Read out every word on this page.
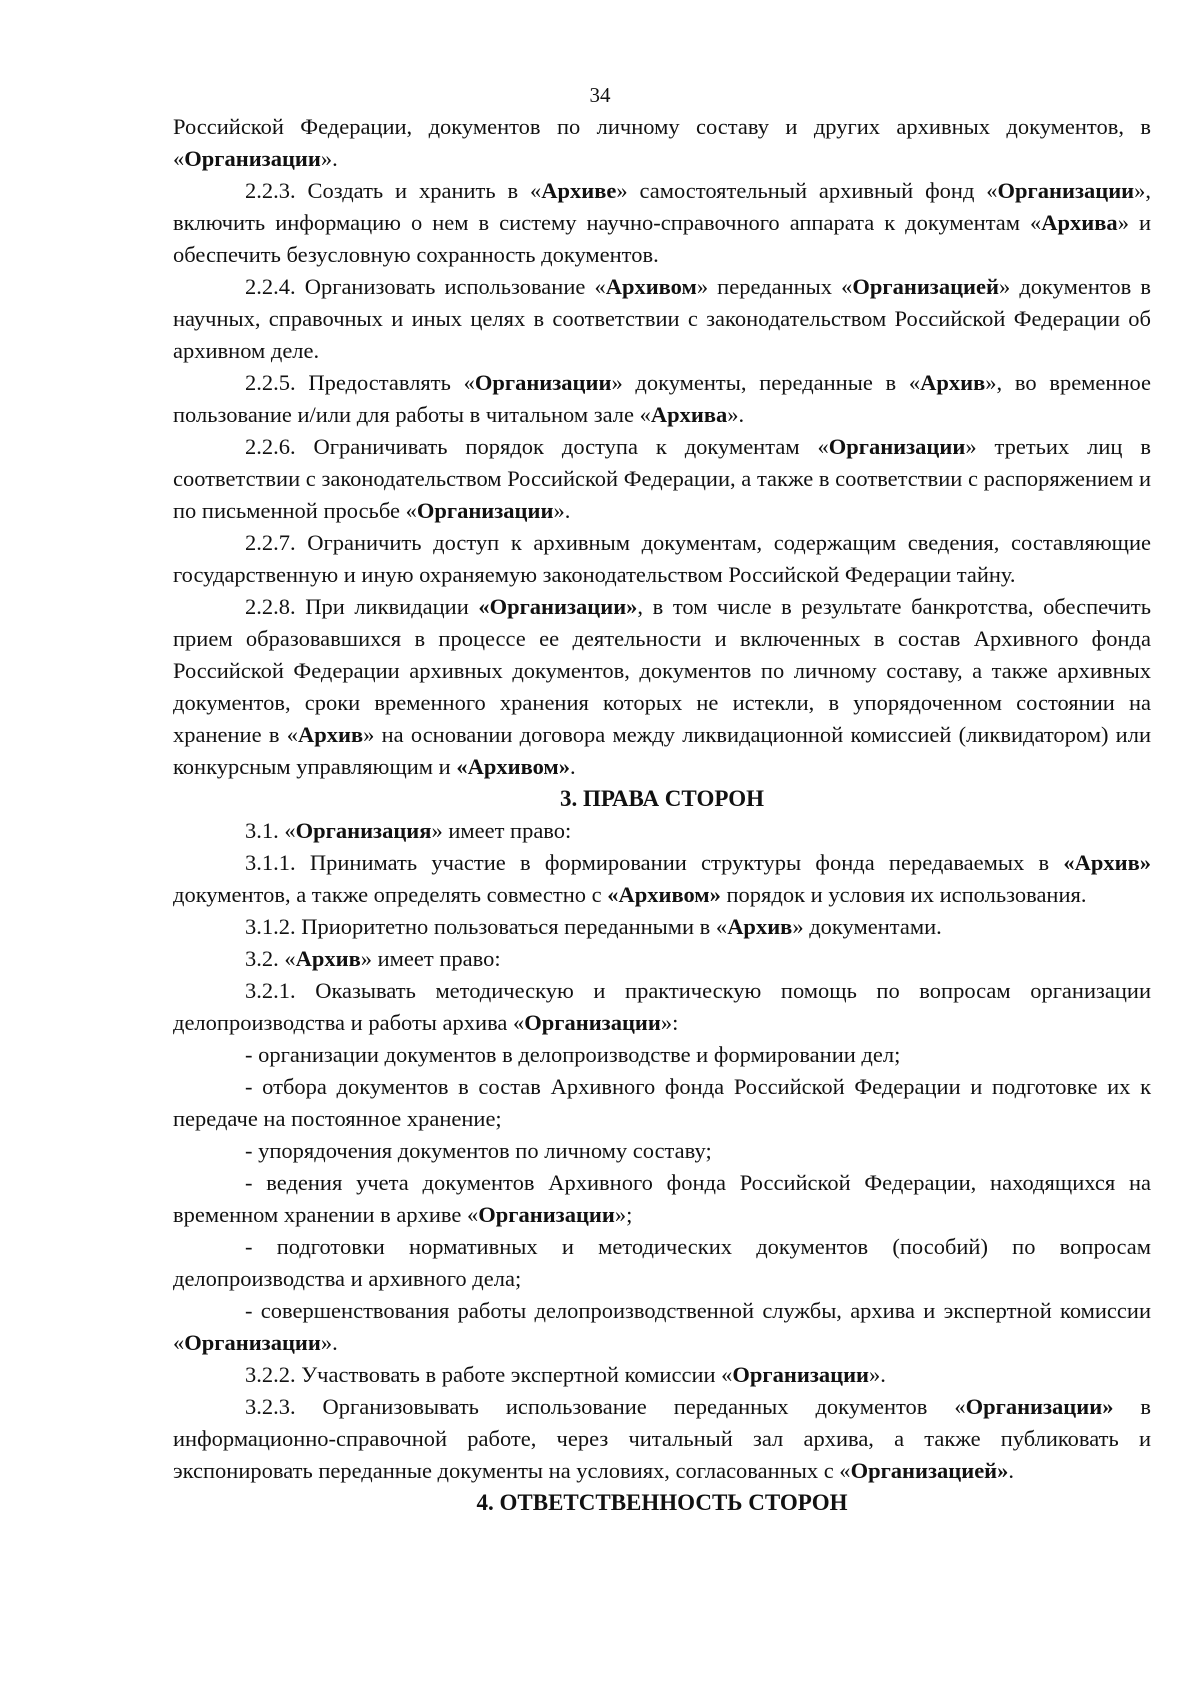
34
Российской Федерации, документов по личному составу и других архивных документов, в «Организации».
2.2.3. Создать и хранить в «Архиве» самостоятельный архивный фонд «Организации», включить информацию о нем в систему научно-справочного аппарата к документам «Архива» и обеспечить безусловную сохранность документов.
2.2.4. Организовать использование «Архивом» переданных «Организацией» документов в научных, справочных и иных целях в соответствии с законодательством Российской Федерации об архивном деле.
2.2.5. Предоставлять «Организации» документы, переданные в «Архив», во временное пользование и/или для работы в читальном зале «Архива».
2.2.6. Ограничивать порядок доступа к документам «Организации» третьих лиц в соответствии с законодательством Российской Федерации, а также в соответствии с распоряжением и по письменной просьбе «Организации».
2.2.7. Ограничить доступ к архивным документам, содержащим сведения, составляющие государственную и иную охраняемую законодательством Российской Федерации тайну.
2.2.8. При ликвидации «Организации», в том числе в результате банкротства, обеспечить прием образовавшихся в процессе ее деятельности и включенных в состав Архивного фонда Российской Федерации архивных документов, документов по личному составу, а также архивных документов, сроки временного хранения которых не истекли, в упорядоченном состоянии на хранение в «Архив» на основании договора между ликвидационной комиссией (ликвидатором) или конкурсным управляющим и «Архивом».
3. ПРАВА СТОРОН
3.1. «Организация» имеет право:
3.1.1. Принимать участие в формировании структуры фонда передаваемых в «Архив» документов, а также определять совместно с «Архивом» порядок и условия их использования.
3.1.2. Приоритетно пользоваться переданными в «Архив» документами.
3.2. «Архив» имеет право:
3.2.1. Оказывать методическую и практическую помощь по вопросам организации делопроизводства и работы архива «Организации»:
- организации документов в делопроизводстве и формировании дел;
- отбора документов в состав Архивного фонда Российской Федерации и подготовке их к передаче на постоянное хранение;
- упорядочения документов по личному составу;
- ведения учета документов Архивного фонда Российской Федерации, находящихся на временном хранении в архиве «Организации»;
- подготовки нормативных и методических документов (пособий) по вопросам делопроизводства и архивного дела;
- совершенствования работы делопроизводственной службы, архива и экспертной комиссии «Организации».
3.2.2. Участвовать в работе экспертной комиссии «Организации».
3.2.3. Организовывать использование переданных документов «Организации» в информационно-справочной работе, через читальный зал архива, а также публиковать и экспонировать переданные документы на условиях, согласованных с «Организацией».
4. ОТВЕТСТВЕННОСТЬ СТОРОН
